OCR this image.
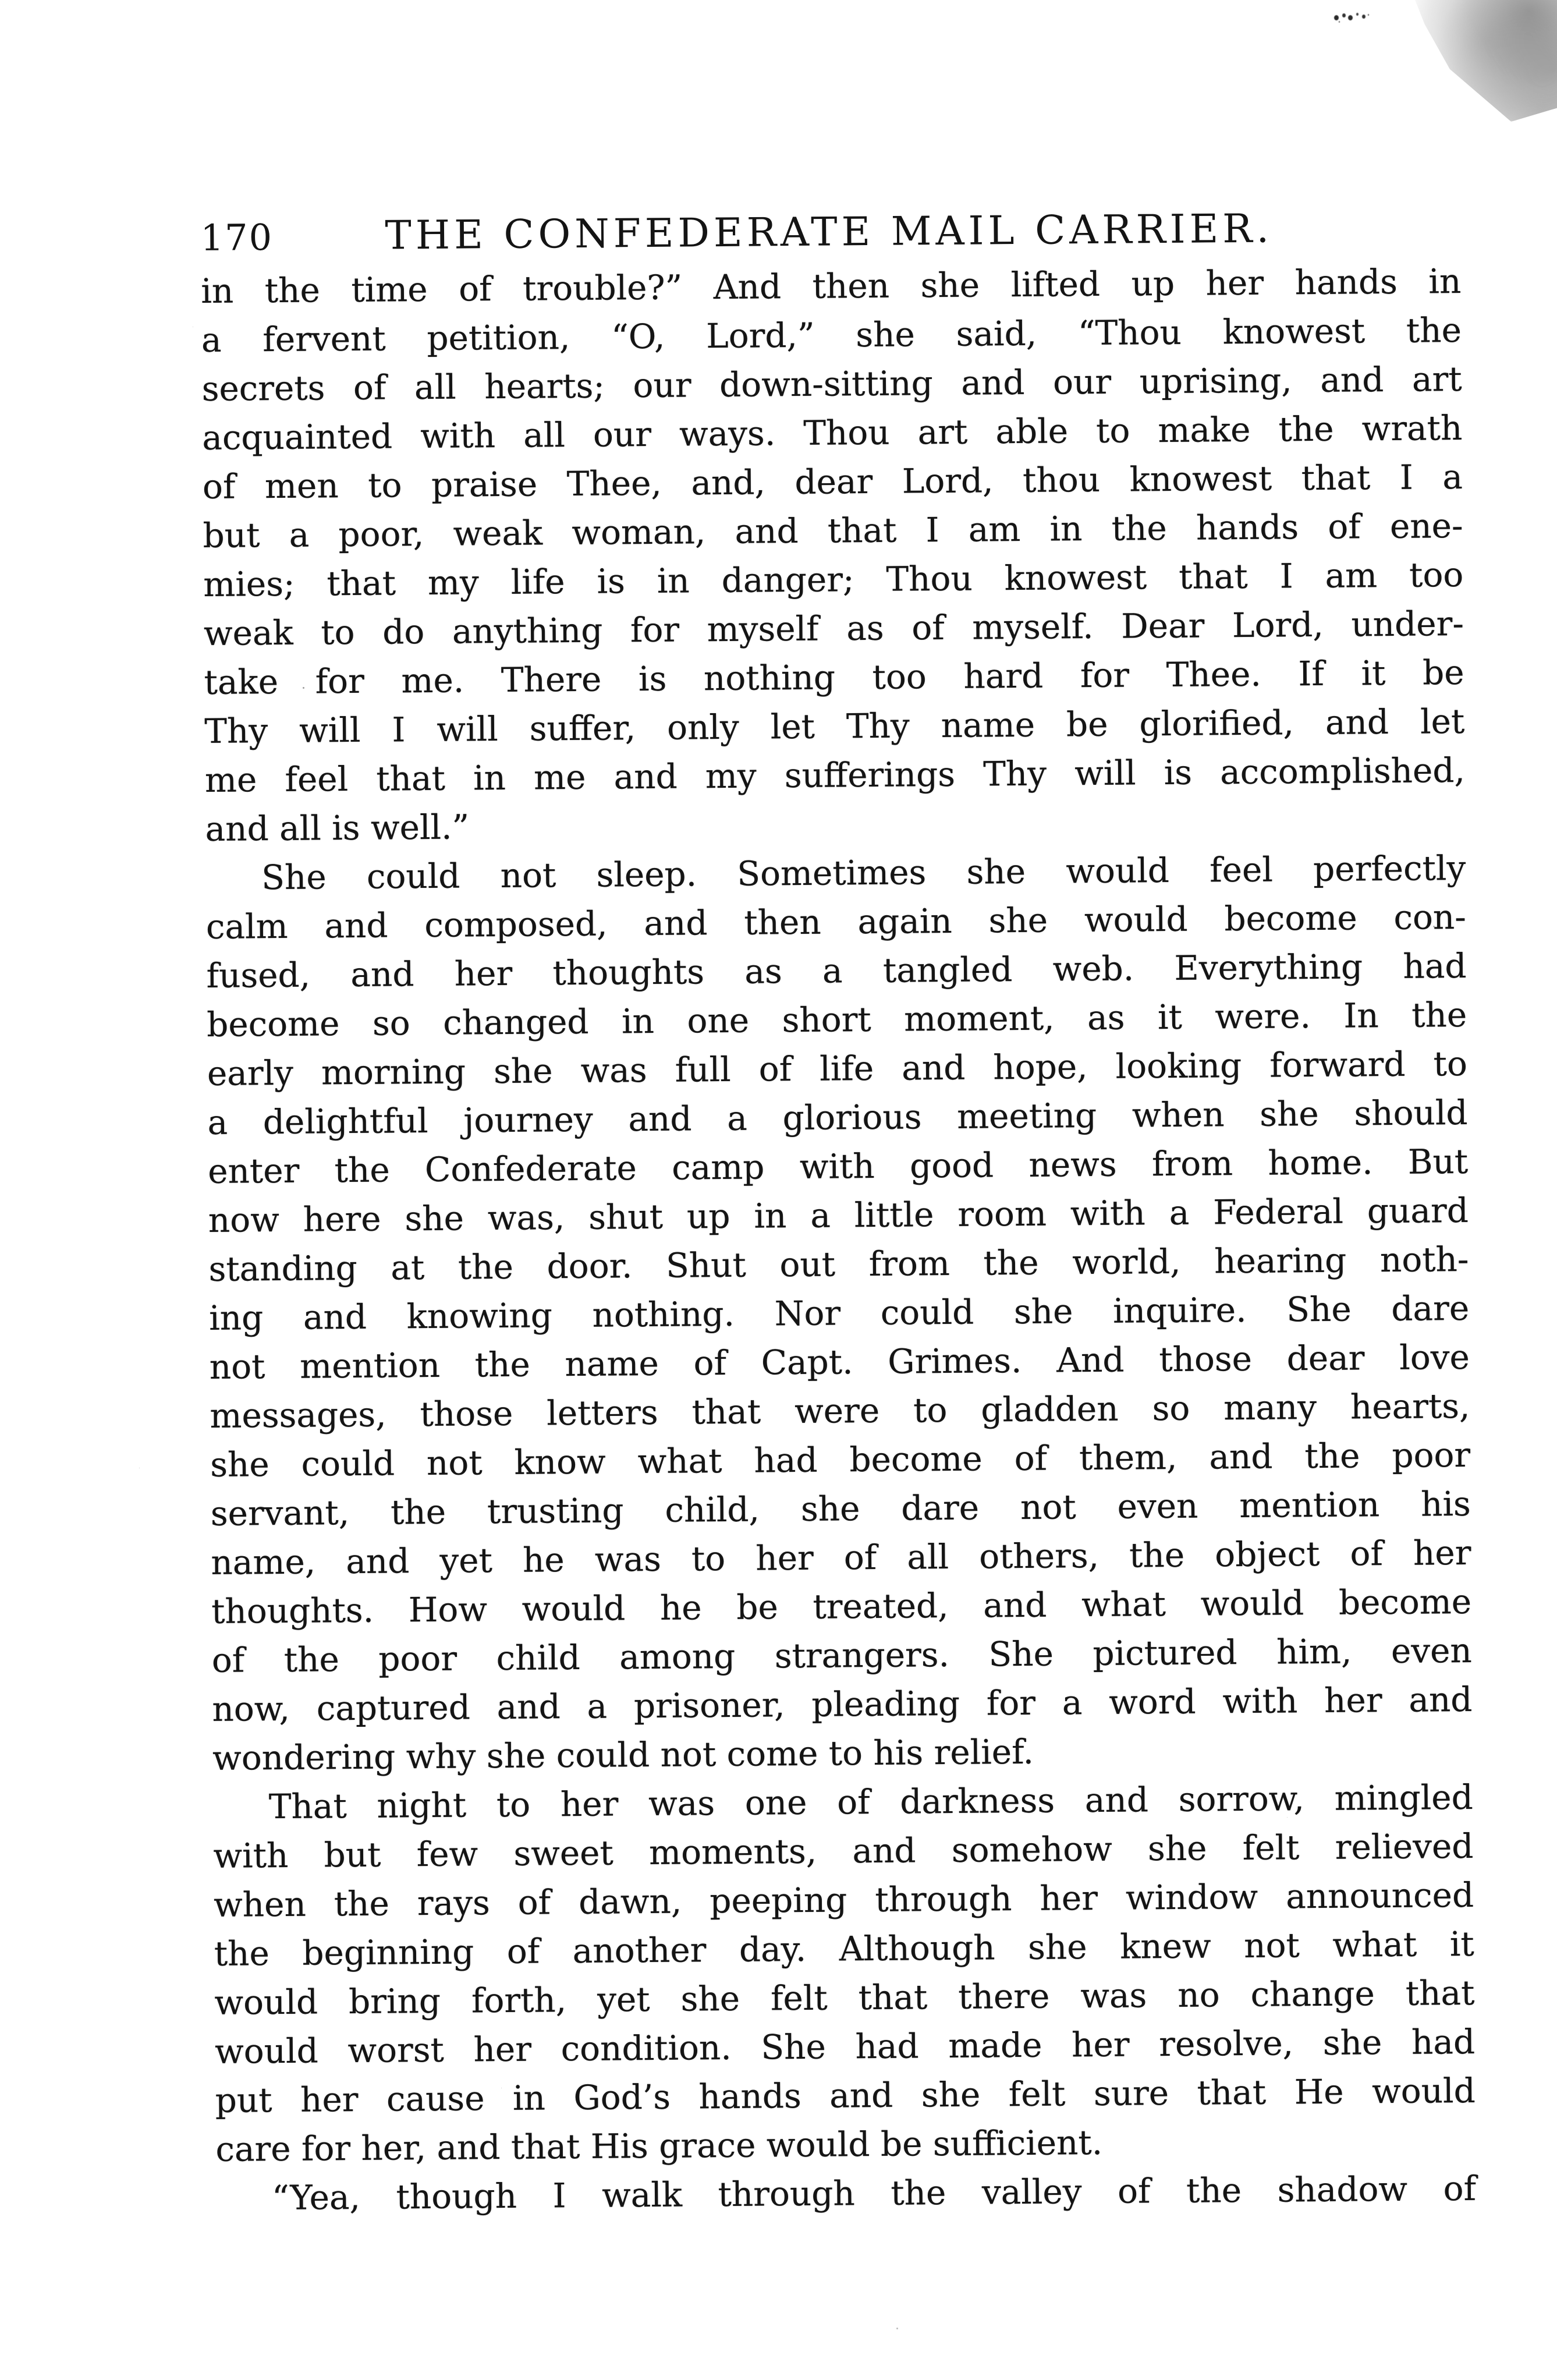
170	THE CONFEDERATE MAIL CARRIER.
in the time of trouble?” And then she lifted up her hands in
a fervent petition, “O, Lord,” she said, “Thou knowest the
secrets of all hearts; our down-sitting and our uprising, and art
acquainted with all our ways. Thou art able to make the wrath
of men to praise Thee, and, dear Lord, thou knowest that I a
but a poor, weak woman, and that I am in the hands of ene-
mies; that my life is in danger; Thou knowest that I am too
weak to do anything for myself as of myself. Dear Lord, under-
take for me. There is nothing too hard for Thee. If it be
Thy will I will suffer, only let Thy name be glorified, and let
me feel that in me and my sufferings Thy will is accomplished,
and all is well.”
She could not sleep. Sometimes she would feel perfectly
calm and composed, and then again she would become con-
fused, and her thoughts as a tangled web. Everything had
become so changed in one short moment, as it were. In the
early morning she was full of life and hope, looking forward to
a delightful journey and a glorious meeting when she should
enter the Confederate camp with good news from home. But
now here she was, shut up in a little room with a Federal guard
standing at the door. Shut out from the world, hearing noth-
ing and knowing nothing. Nor could she inquire. She dare
not mention the name of Capt. Grimes. And those dear love
messages, those letters that were to gladden so many hearts,
she could not know what had become of them, and the poor
servant, the trusting child, she dare not even mention his
name, and yet he was to her of all others, the object of her
thoughts. How would he be treated, and what would become
of the poor child among strangers. She pictured him, even
now, captured and a prisoner, pleading for a word with her and
wondering why she could not come to his relief.
That night to her was one of darkness and sorrow, mingled
with but few sweet moments, and somehow she felt relieved
when the rays of dawn, peeping through her window announced
the beginning of another day. Although she knew not what it
would bring forth, yet she felt that there was no change that
would worst her condition. She had made her resolve, she had
put her cause in God’s hands and she felt sure that He would
care for her, and that His grace would be sufficient.
“Yea, though I walk through the valley of the shadow of
